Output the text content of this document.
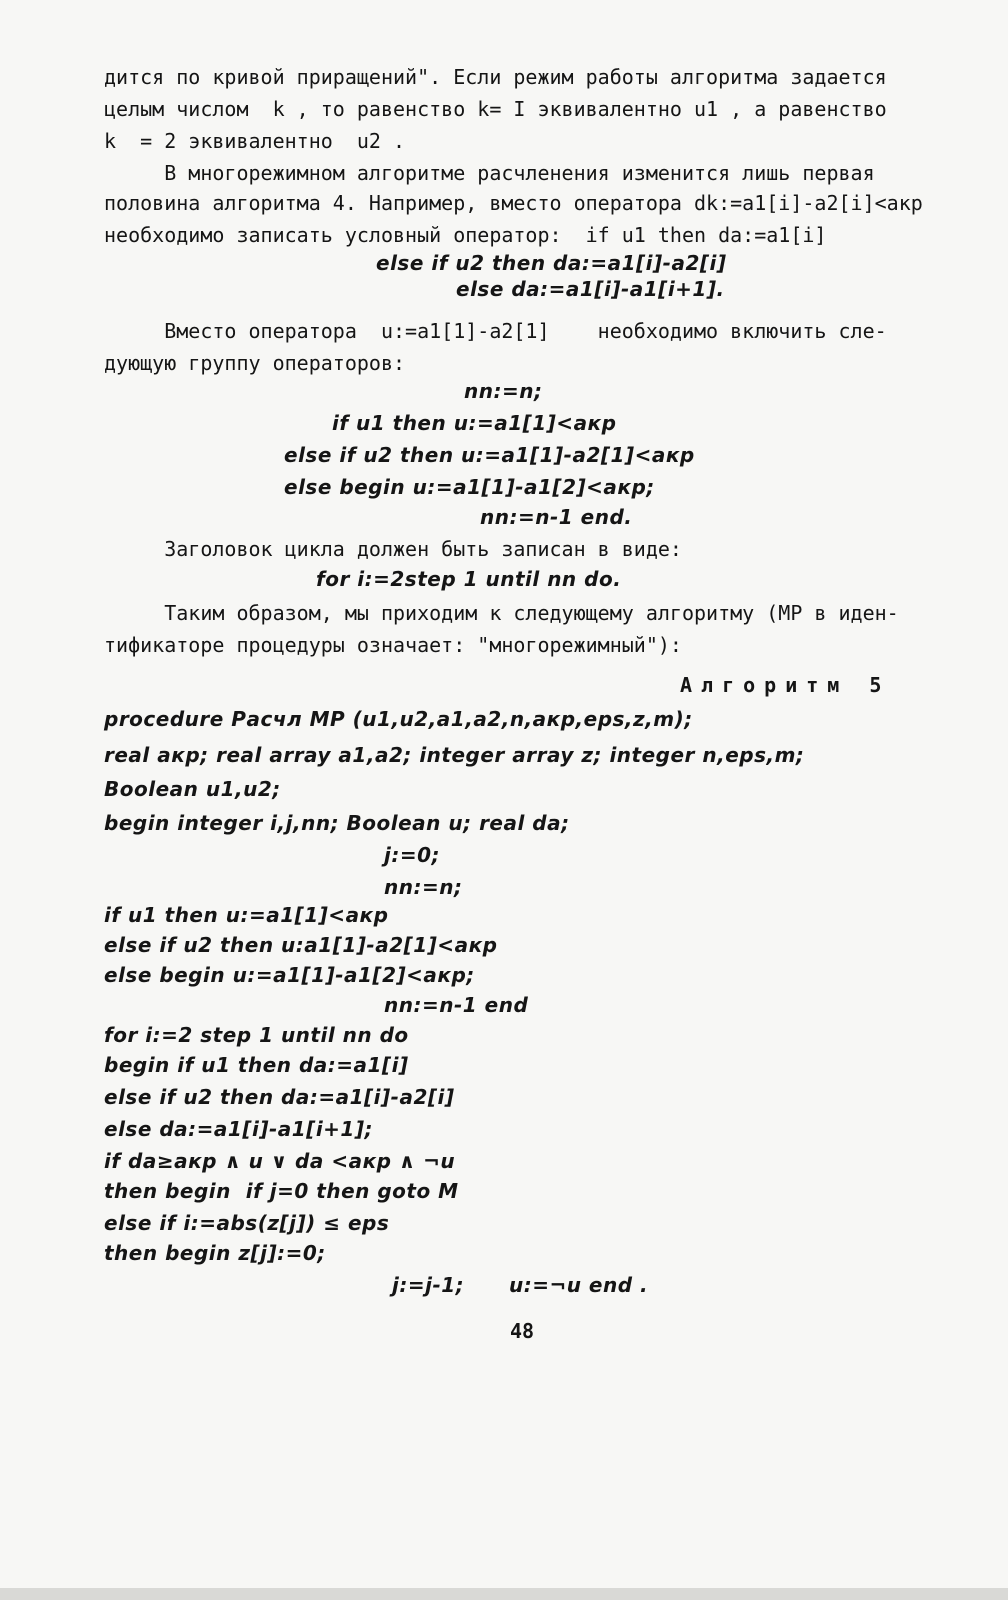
дится по кривой приращений". Если режим работы алгоритма задается
целым числом  k , то равенство k= I эквивалентно u1 , а равенство
k  = 2 эквивалентно  u2 .
В многорежимном алгоритме расчленения изменится лишь первая
половина алгоритма 4. Например, вместо оператора dk:=a1[i]-a2[i]<акр
необходимо записать условный оператор:  if u1 then da:=a1[i]
else if u2 then da:=a1[i]-a2[i]
else da:=a1[i]-a1[i+1].
Вместо оператора  u:=a1[1]-a2[1]    необходимо включить сле-
дующую группу операторов:
nn:=n;
if u1 then u:=a1[1]<акр
else if u2 then u:=a1[1]-a2[1]<акр
else begin u:=a1[1]-a1[2]<акр;
nn:=n-1 end.
Заголовок цикла должен быть записан в виде:
for i:=2step 1 until nn do.
Таким образом, мы приходим к следующему алгоритму (МР в иден-
тификаторе процедуры означает: "многорежимный"):
Алгоритм 5
procedure Расчл МР (u1,u2,a1,a2,n,акр,eps,z,m);
real акр; real array a1,a2; integer array z; integer n,eps,m;
Boolean u1,u2;
begin integer i,j,nn; Boolean u; real da;
j:=0;
nn:=n;
if u1 then u:=a1[1]<акр
else if u2 then u:a1[1]-a2[1]<акр
else begin u:=a1[1]-a1[2]<акр;
nn:=n-1 end
for i:=2 step 1 until nn do
begin if u1 then da:=a1[i]
else if u2 then da:=a1[i]-a2[i]
else da:=a1[i]-a1[i+1];
if da≥акр ∧ u ∨ da <акр ∧ ¬u
then begin  if j=0 then goto M
else if i:=abs(z[j]) ≤ eps
then begin z[j]:=0;
j:=j-1;      u:=¬u end .
48
